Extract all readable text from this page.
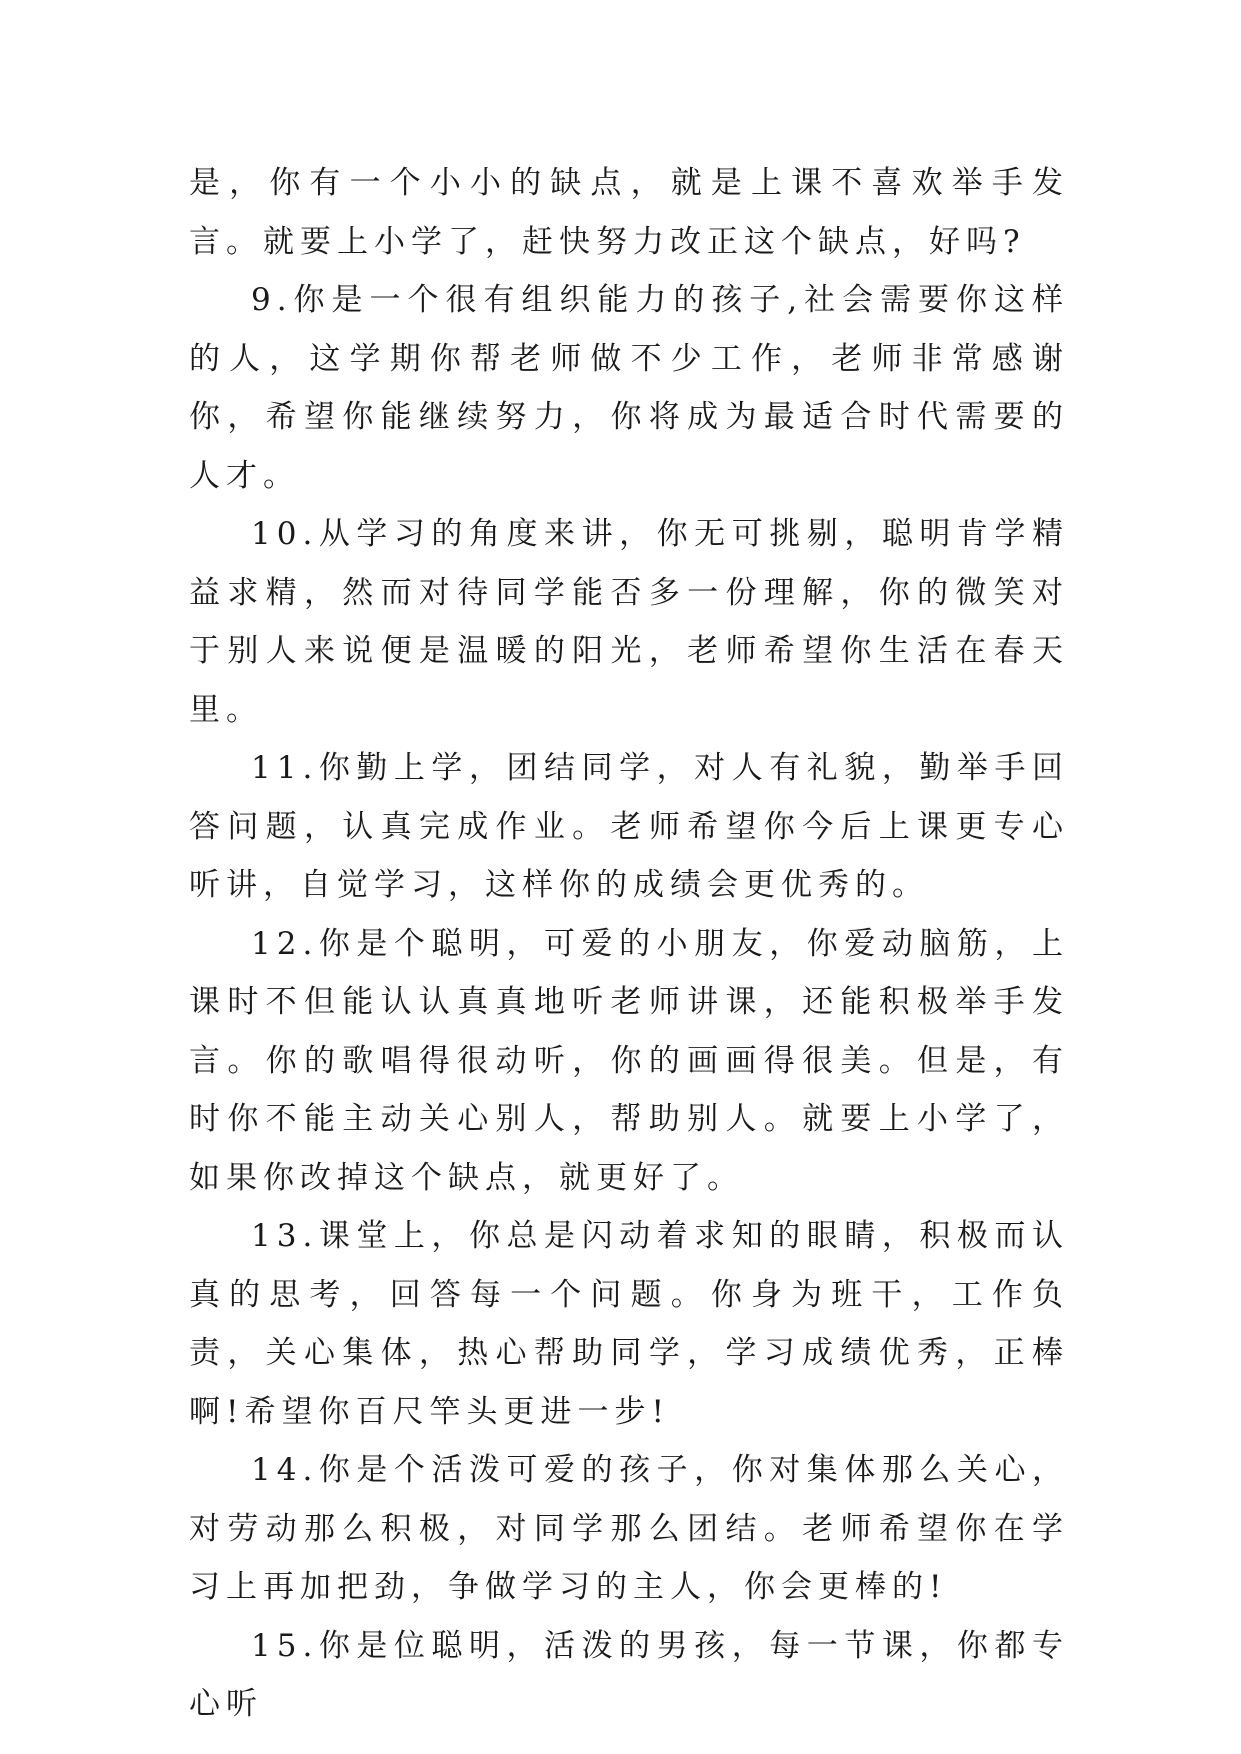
是，你有一个小小的缺点，就是上课不喜欢举手发言。就要上小学了，赶快努力改正这个缺点，好吗?

9.你是一个很有组织能力的孩子,社会需要你这样的人，这学期你帮老师做不少工作，老师非常感谢你，希望你能继续努力，你将成为最适合时代需要的人才。

10.从学习的角度来讲，你无可挑剔，聪明肯学精益求精，然而对待同学能否多一份理解，你的微笑对于别人来说便是温暖的阳光，老师希望你生活在春天里。

11.你勤上学，团结同学，对人有礼貌，勤举手回答问题，认真完成作业。老师希望你今后上课更专心听讲，自觉学习，这样你的成绩会更优秀的。

12.你是个聪明，可爱的小朋友，你爱动脑筋，上课时不但能认认真真地听老师讲课，还能积极举手发言。你的歌唱得很动听，你的画画得很美。但是，有时你不能主动关心别人，帮助别人。就要上小学了，如果你改掉这个缺点，就更好了。

13.课堂上，你总是闪动着求知的眼睛，积极而认真的思考，回答每一个问题。你身为班干，工作负责，关心集体，热心帮助同学，学习成绩优秀，正棒啊!希望你百尺竿头更进一步!

14.你是个活泼可爱的孩子，你对集体那么关心，对劳动那么积极，对同学那么团结。老师希望你在学习上再加把劲，争做学习的主人，你会更棒的!

15.你是位聪明，活泼的男孩，每一节课，你都专心听
